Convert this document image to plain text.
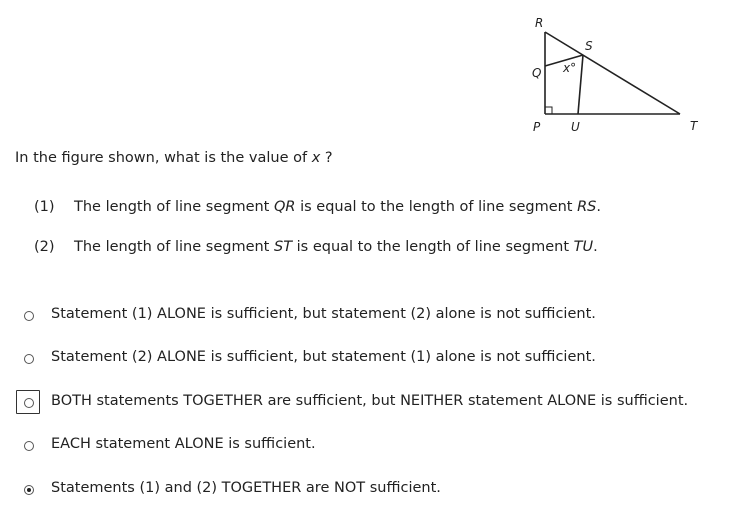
R
S
Q x°
P	U	T
In the figure shown, what is the value of x ?
(1) The length of line segment QR is equal to the length of line segment RS.
(2) The length of line segment ST is equal to the length of line segment TU.
Statement (1) ALONE is sufficient, but statement (2) alone is not sufficient.
Statement (2) ALONE is sufficient, but statement (1) alone is not sufficient.
BOTH statements TOGETHER are sufficient, but NEITHER statement ALONE is sufficient.
EACH statement ALONE is sufficient.
Statements (1) and (2) TOGETHER are NOT sufficient.
